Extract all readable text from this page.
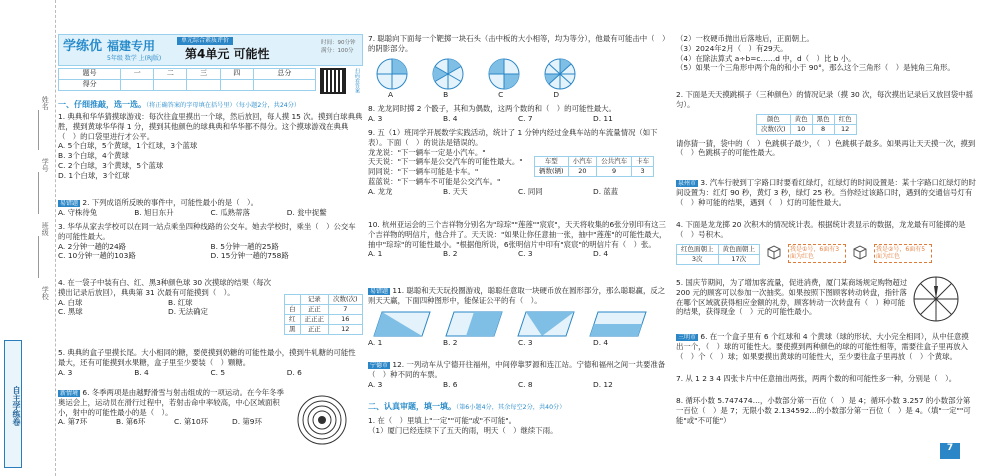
姓名
学号
班级
学校
自主学练卷
学练优 福建专用
5年级 数学 上(RJ版)
单元综合素质评价
第4单元 可能性
时间：90分钟
满分：100分
题号	一	二	三	四	总分
得分						扫码看答案
一、仔细推敲，选一选。（将正确答案的字母填在括号里）（每小题2分，共24分）
1. 典典和华华猜摸球游戏：每次往盒里摸出一个球，然后放回，每人摸 15 次。摸到白球典典胜，摸到黄球华华得 1 分，摸到其他颜色的球典典和华华都不得分。这个摸球游戏在典典（　）的口袋里进行才公平。
A. 5个白球，5个黄球，1个红球，3个蓝球
B. 3个白球，4个黄球
C. 2个白球，3个黄球，5个蓝球
D. 1个白球，3个红球
易错题 2. 下列成语所反映的事件中，可能性最小的是（　）。
A. 守株待兔	B. 旭日东升	C. 瓜熟蒂落	D. 瓮中捉鳖
3. 华华从家去学校可以在同一站点乘坐四种线路的公交车。她去学校时，乘坐（　）公交车的可能性最大。
A. 2分钟一趟的24路	B. 5分钟一趟的25路
C. 10分钟一趟的103路	D. 15分钟一趟的758路
4. 在一袋子中装有白、红、黑3种颜色球 30 次摸球的结果（每次摸出记录后放回），典典第 31 次最有可能摸到（　）。
A. 白球	B. 红球
C. 黑球	D. 无法确定
	记录	次数(次)
白	正正	7
红	正正正	16
黑	正正	12
5. 典典的盒子里摸长尾。大小相同的糖，要使摸到奶糖的可能性最小，摸到牛轧糖的可能性最大，还有可能摸到水果糖，盒子里至少要装（　）颗糖。
A. 3	B. 4	C. 5	D. 6
新情境 6. 冬季两项是由越野滑雪与射击组成的一项运动。在今年冬季奥运会上，运动员在滑行过程中，若射击命中率较高，中心区域面积小，射中的可能性最小的是（　）。
A. 第7环	B. 第6环	C. 第10环	D. 第9环
7. 聪聪向下面每一个靶掷一块石头（击中板的大小相等，均为等分），他最有可能击中（　）的阴影部分。
A	B	C	D
8. 龙龙同时掷 2 个骰子，其和为偶数，这两个数的和（　）的可能性最大。
A. 3	B. 4	C. 7	D. 11
9. 五（1）班同学开展数学实践活动，统计了 1 分钟内经过金典车站的车流量情况（如下表）。下面（　）的说法是错误的。
龙龙说："下一辆车一定是小汽车。"
天天说："下一辆车是公交汽车的可能性最大。"
同同说："下一辆车可能是卡车。"
蓝蓝说："下一辆车不可能是公交汽车。"
A. 龙龙	B. 天天	C. 同同	D. 蓝蓝
车型	小汽车	公共汽车	卡车
辆数(辆)	20	9	3
10. 杭州亚运会的三个吉祥物分别名为"琮琮""莲莲""宸宸"，天天将收集的6张分别印有这三个吉祥物的明信片，他合并了。天天说："如果让你任意抽一张，抽中"莲莲"的可能性最大，抽中"琮琮"的可能性最小。"根据他所说，6张明信片中印有"宸宸"的明信片有（　）张。
A. 1	B. 2	C. 3	D. 4
易错题 11. 聪聪和天天玩投圈游戏，聪聪任意取一块硬币放在圆形部分，那么聪聪赢，反之则天天赢，下面四种图形中，能保证公平的有（　）。
A. 1	B. 2	C. 3	D. 4
宁德市 12. 一列动车从宁德开往福州，中间停靠罗源和连江站。宁德和福州之间一共要准备（　）种不同的车票。
A. 3	B. 6	C. 8	D. 12
二、认真审题，填一填。（第6小题4分，其余每空2分，共40分）
1. 在（　）里填上"一定""可能"或"不可能"。
（1）厦门已经连续下了五天的雨，明天（　）继续下雨。
（2）一枚硬币抛出后落地后，正面朝上。
（3）2024年2月（　）有29天。
（4）在除法算式 a÷b=c……d 中，d（　）比 b 小。
（5）如果一个三角形中两个角的和小于 90°，那么这个三角形（　）是钝角三角形。
2. 下面是天天摸跳棋子（三种颜色）的情况记录（摸 30 次，每次摸出记录后又放回袋中摇匀）。
颜色	黄色	黑色	红色
次数(次)	10	8	12
请你猜一猜，袋中的（　）色跳棋子最少，（　）色跳棋子最多。如果再让天天摸一次，摸到（　）色跳棋子的可能性最大。
泉州市 3. 汽车行驶到丁字路口时要看红绿灯，红绿灯的时间设置是：某十字路口红绿灯的时间设置为：红灯 90 秒，黄灯 3 秒，绿灯 25 秒。当你经过该路口时，遇到的交通信号灯有（　）种可能的结果，遇到（　）灯的可能性最大。
4. 下面是龙龙掷 20 次积木的情况统计表。根据统计表显示的数据，龙龙最有可能掷的是（　）号积木。
红色面朝上	黄色面朝上
3次	17次
我是①号，6面有3面为红色
我是②号，6面有5面为红色
5. 国庆节期间，为了增加客流量，促进消费，厦门某商场规定购物超过 200 元的顾客可以参加一次抽奖。如果按照下图顾客转动转盘，指针落在哪个区域就获得相应金额的礼券，顾客转动一次转盘有（　）种可能的结果，获得现金（　）元的可能性最小。
三明市 6. 在一个盒子里有 6 个红球和 4 个黄球（球的形状、大小完全相同），从中任意摸出一个，（　）球的可能性大。要使摸到两种颜色的球的可能性相等，需要往盒子里再放入（　）个（　）球；如果要摸出黄球的可能性大，至少要往盒子里再放（　）个黄球。
7. 从 1 2 3 4 四张卡片中任意抽出两张，两两个数的和可能性多一种，分别是（　）。
8. 循环小数 5.747474…，小数部分第一百位（　）是 4；循环小数 3.257 的小数部分第一百位（　）是 7；无限小数 2.134592…的小数部分第一百位（　）是 4。（填"一定""可能"或"不可能"）
7
